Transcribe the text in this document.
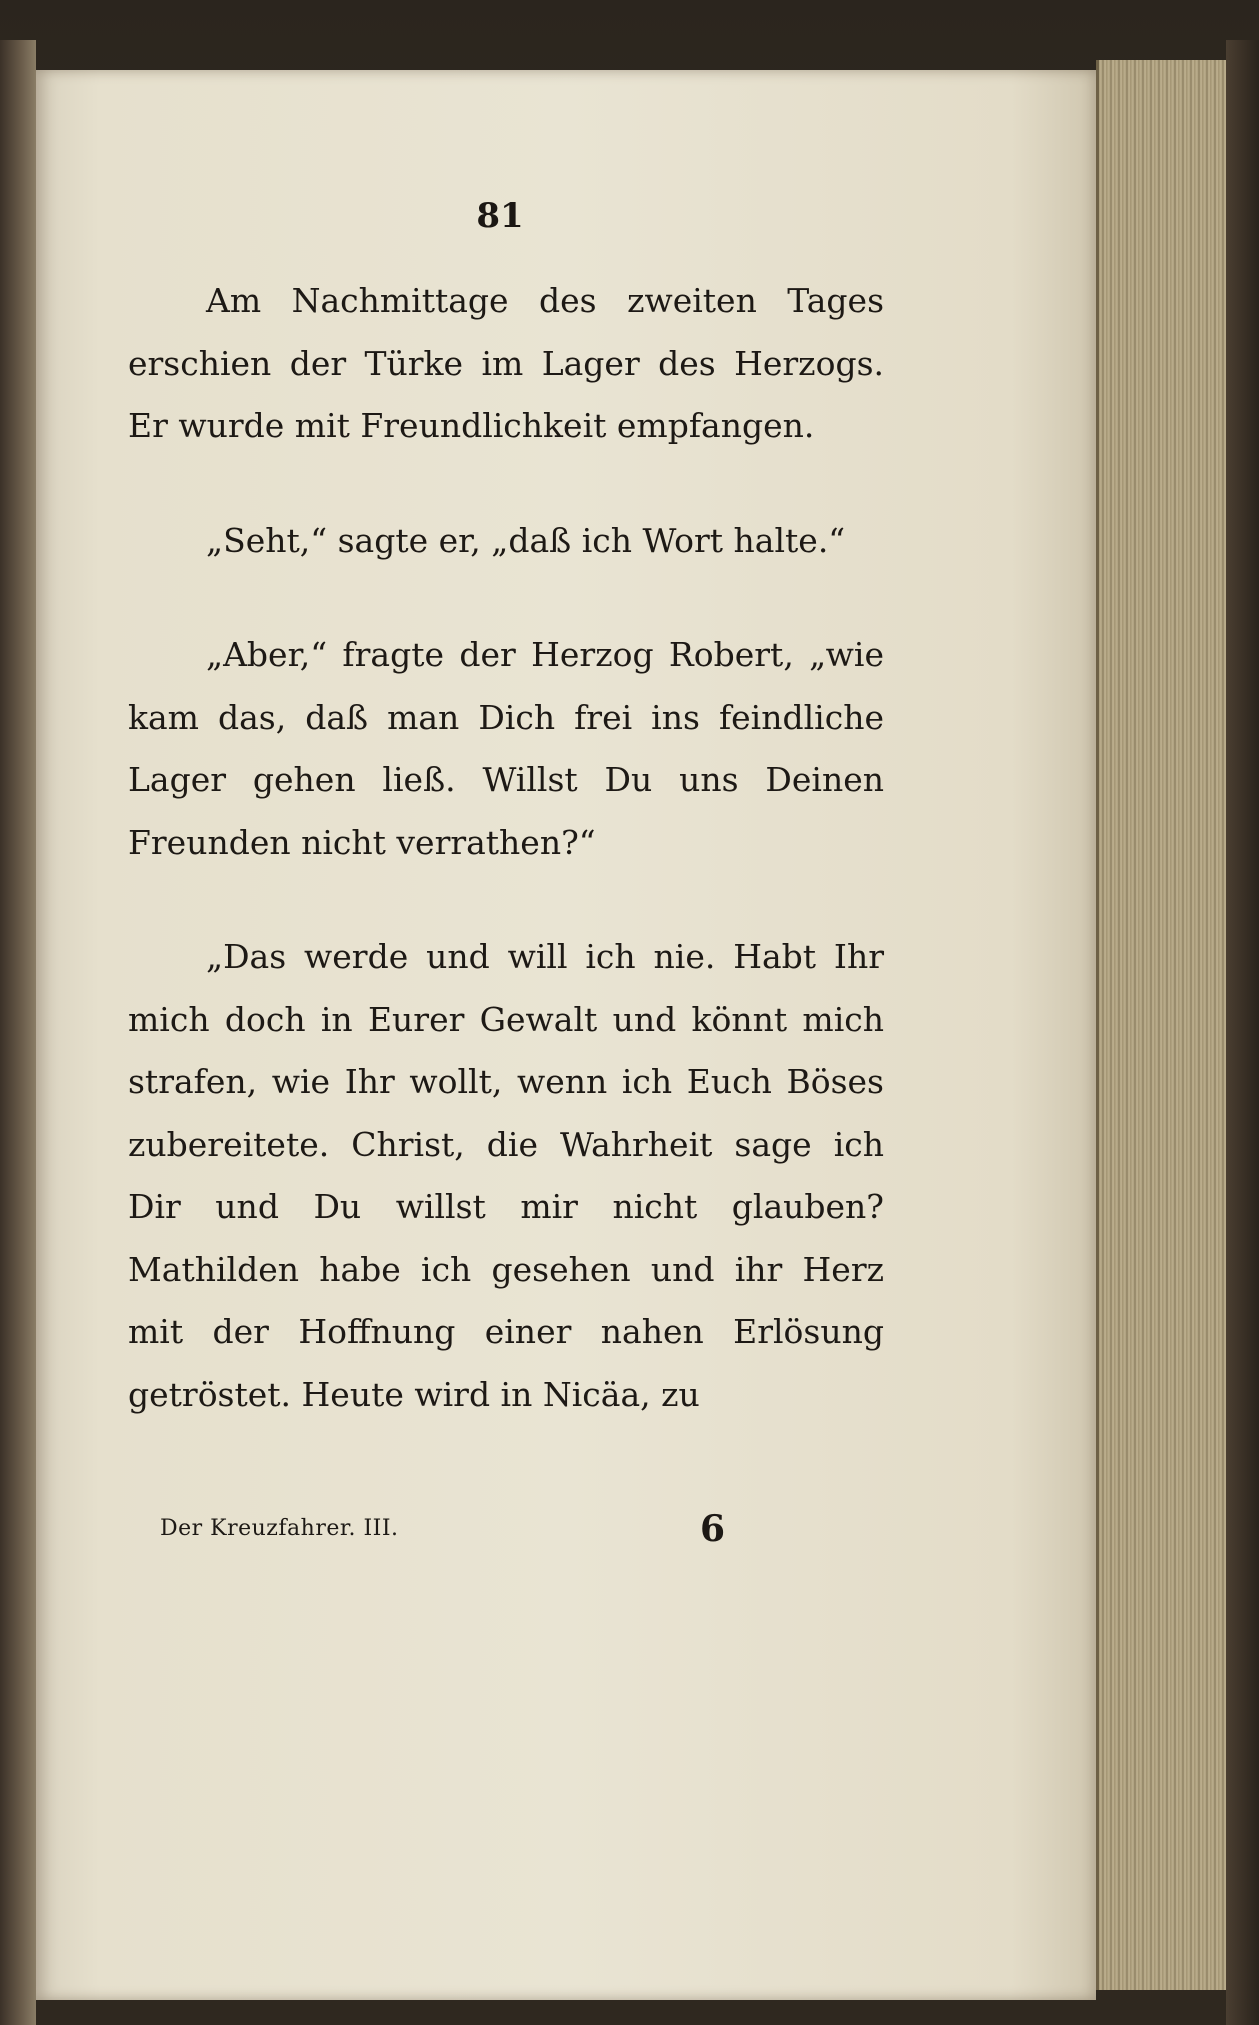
81

Am Nachmittage des zweiten Tages erschien der Türke im Lager des Herzogs. Er wurde mit Freundlichkeit empfangen.

„Seht,“ sagte er, „daß ich Wort halte.“

„Aber,“ fragte der Herzog Robert, „wie kam das, daß man Dich frei ins feindliche Lager gehen ließ. Willst Du uns Deinen Freunden nicht verrathen?“

„Das werde und will ich nie. Habt Ihr mich doch in Eurer Gewalt und könnt mich strafen, wie Ihr wollt, wenn ich Euch Böses zubereitete. Christ, die Wahrheit sage ich Dir und Du willst mir nicht glauben? Mathilden habe ich gesehen und ihr Herz mit der Hoffnung einer nahen Erlösung getröstet. Heute wird in Nicäa, zu

Der Kreuzfahrer. III.	6
